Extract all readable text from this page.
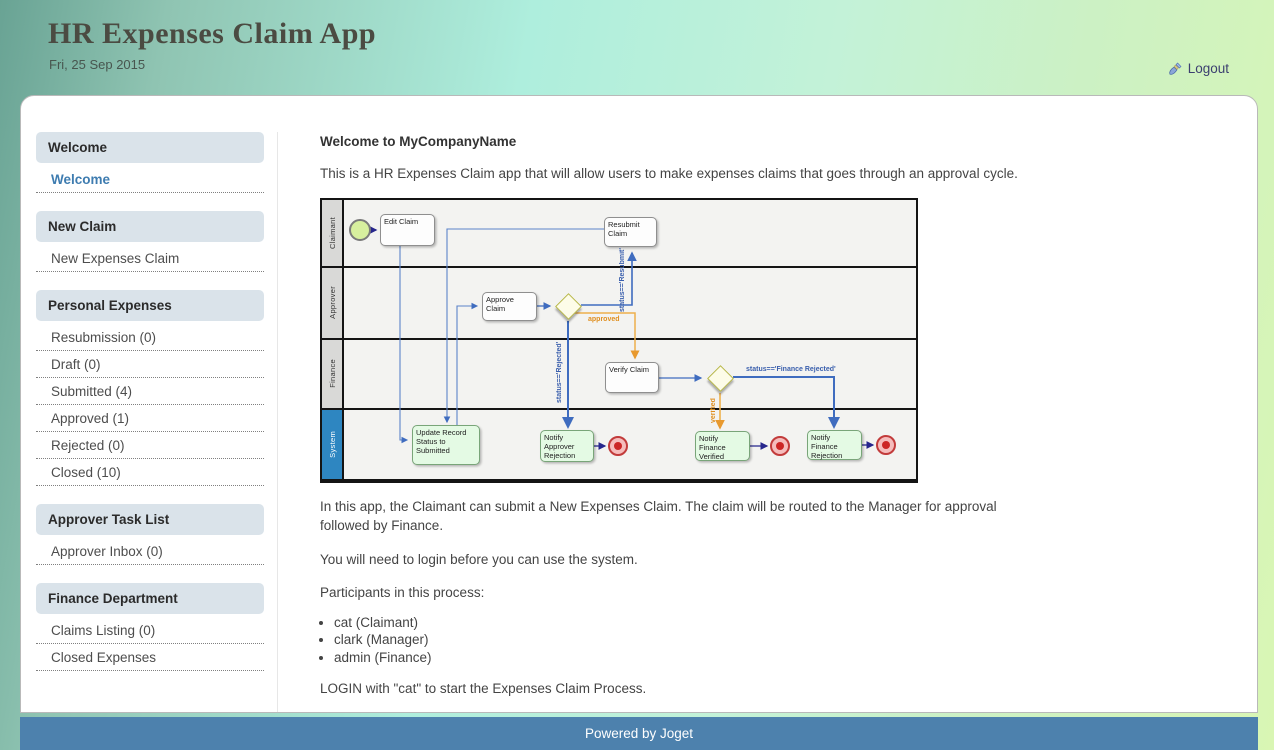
HR Expenses Claim App
Fri, 25 Sep 2015	Logout
Welcome
Welcome
New Claim
New Expenses Claim
Personal Expenses
Resubmission (0)
Draft (0)
Submitted (4)
Approved (1)
Rejected (0)
Closed (10)
Approver Task List
Approver Inbox (0)
Finance Department
Claims Listing (0)
Closed Expenses
Welcome to MyCompanyName
This is a HR Expenses Claim app that will allow users to make expenses claims that goes through an approval cycle.
Claimant
Approver
Finance
System
Edit Claim	Resubmit Claim
Approve Claim
Verify Claim
Update Record Status to Submitted
Notify Approver Rejection
Notify Finance Verified
Notify Finance Rejection
status=='Resubmit'
approved
status=='Rejected'
verified
status=='Finance Rejected'
In this app, the Claimant can submit a New Expenses Claim. The claim will be routed to the Manager for approval followed by Finance.
You will need to login before you can use the system.
Participants in this process:
• cat (Claimant)
• clark (Manager)
• admin (Finance)
LOGIN with "cat" to start the Expenses Claim Process.
Powered by Joget
